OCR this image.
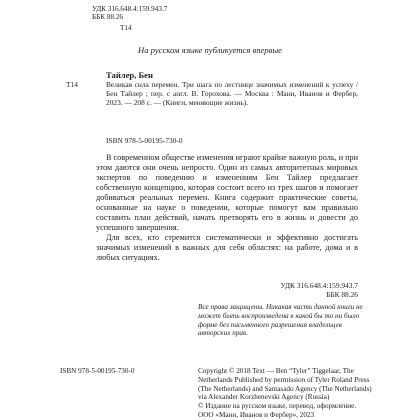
УДК 316.648.4:159.943.7
ББК 88.26
Т14
На русском языке публикуется впервые
Тайлер, Бен
Т14	Великая сила перемен. Три шага по лестнице значимых изменений к успеху / Бен Тайлер ; пер. с англ. В. Горохова. — Москва : Манн, Иванов и Фербер, 2023. — 208 с. — (Книги, меняющие жизнь).
ISBN 978-5-00195-730-0

В современном обществе изменения играют крайне важную роль, и при этом даются они очень непросто. Один из самых авторитетных мировых экспертов по поведению и изменениям Бен Тайлер предлагает собственную концепцию, которая состоит всего из трех шагов и помогает добиваться реальных перемен. Книга содержит практические советы, основанные на науке о поведении, которые помогут вам правильно составить план действий, начать претворять его в жизнь и довести до успешного завершения.

Для всех, кто стремится систематически и эффективно достигать значимых изменений в важных для себя областях: на работе, дома и в любых ситуациях.

УДК 316.648.4:159.943.7
ББК 88.26
Все права защищены. Никакая часть данной книги не может быть воспроизведена в какой бы то ни было форме без письменного разрешения владельцев авторских прав.
ISBN 978-5-00195-730-0	Copyright © 2018 Text — Ben “Tyler” Tiggelaar, The Netherlands Published by permission of Tyler Roland Press (The Netherlands) and Santasado Agency (The Netherlands) via Alexander Korzhenevski Agency (Russia)
© Издание на русском языке, перевод, оформление. ООО «Манн, Иванов и Фербер», 2023
